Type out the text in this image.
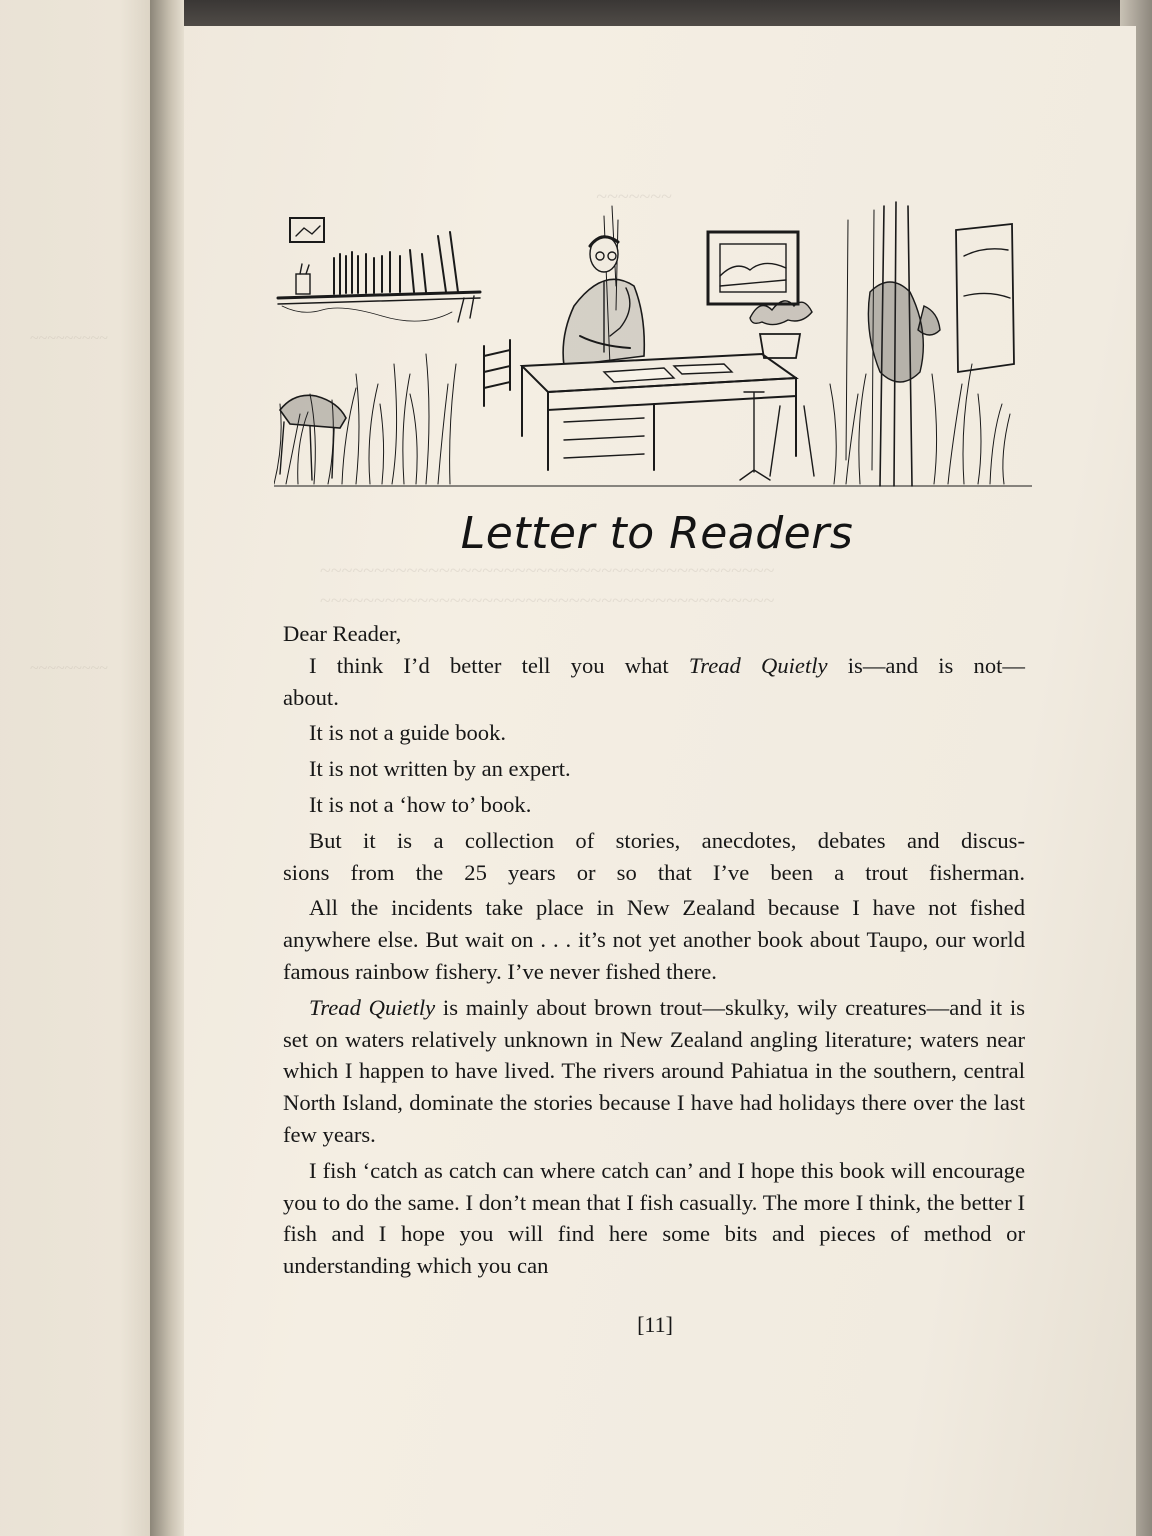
~~~~~~~
~~~~~~~~~~~~~~~~~~~~~~~~~~~~~~~~~~~~~~~~~~
~~~~~~~~~~~~~~~~~~~~~~~~~~~~~~~~~~~~~~~~~~
~~~~~~~~~
~~~~~~~~~
Letter to Readers

Dear Reader,

I think I’d better tell you what Tread Quietly is—and is not—

about.

It is not a guide book.

It is not written by an expert.

It is not a ‘how to’ book.

But it is a collection of stories, anecdotes, debates and discus-

sions from the 25 years or so that I’ve been a trout fisherman.

All the incidents take place in New Zealand because I have not fished anywhere else. But wait on . . . it’s not yet another book about Taupo, our world famous rainbow fishery. I’ve never fished there.

Tread Quietly is mainly about brown trout—skulky, wily creatures—and it is set on waters relatively unknown in New Zealand angling literature; waters near which I happen to have lived. The rivers around Pahiatua in the southern, central North Island, dominate the stories because I have had holidays there over the last few years.

I fish ‘catch as catch can where catch can’ and I hope this book will encourage you to do the same. I don’t mean that I fish casually. The more I think, the better I fish and I hope you will find here some bits and pieces of method or understanding which you can

[11]
